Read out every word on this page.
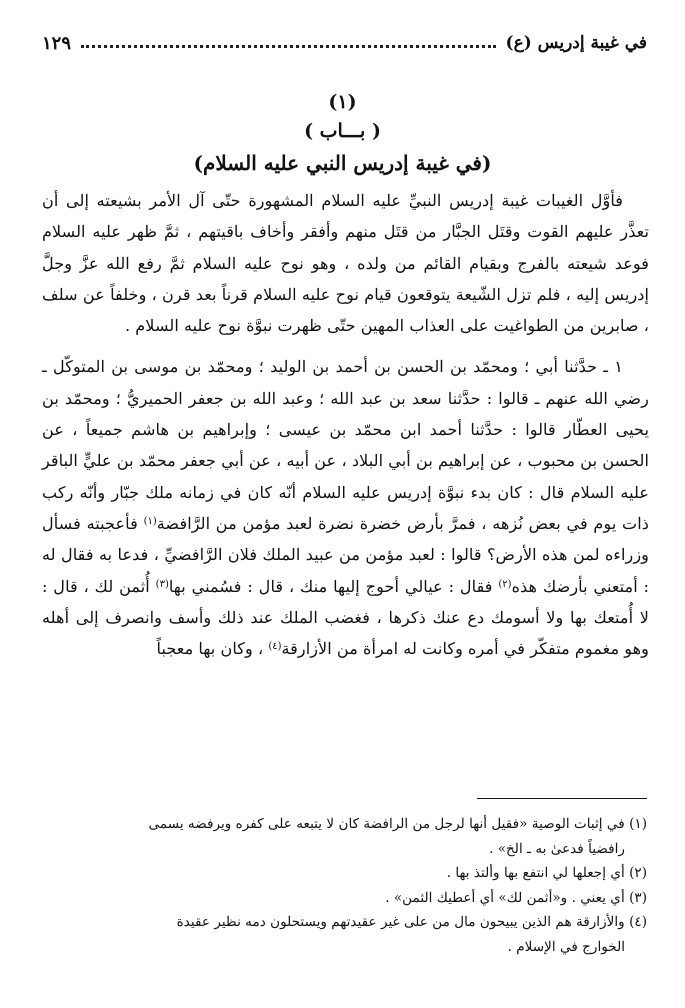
في غيبة إدريس (ع)
١٢٩
(١)
( بـــاب )
(في غيبة إدريس النبي عليه السلام)

فأوَّل الغيبات غيبة إدريس النبيِّ عليه السلام المشهورة حتّى آل الأمر بشيعته إلى أن تعذَّر عليهم القوت وقتَل الجبَّار من قتَل منهم وأفقر وأخاف باقيتهم ، ثمَّ ظهر عليه السلام فوعد شيعته بالفرج وبقيام القائم من ولده ، وهو نوح عليه السلام ثمَّ رفع الله عزَّ وجلَّ إدريس إليه ، فلم تزل الشّيعة يتوقعون قيام نوح عليه السلام قرناً بعد قرن ، وخلفاً عن سلف ، صابرين من الطواغيت على العذاب المهين حتّى ظهرت نبوَّة نوح عليه السلام .

١ ـ حدَّثنا أبي ؛ ومحمّد بن الحسن بن أحمد بن الوليد ؛ ومحمّد بن موسى بن المتوكّل ـ رضي الله عنهم ـ قالوا : حدَّثنا سعد بن عبد الله ؛ وعبد الله بن جعفر الحميريُّ ؛ ومحمّد بن يحيى العطّار قالوا : حدَّثنا أحمد ابن محمّد بن عيسى ؛ وإبراهيم بن هاشم جميعاً ، عن الحسن بن محبوب ، عن إبراهيم بن أبي البلاد ، عن أبيه ، عن أبي جعفر محمّد بن عليٍّ الباقر عليه السلام قال : كان بدء نبوَّة إدريس عليه السلام أنّه كان في زمانه ملك جبّار وأنّه ركب ذات يوم في بعض نُزهه ، فمرَّ بأرض خضرة نضرة لعبد مؤمن من الرَّافضة$^{(١)}$ فأعجبته فسأل وزراءه لمن هذه الأرض؟ قالوا : لعبد مؤمن من عبيد الملك فلان الرَّافضيِّ ، فدعا به فقال له : أمتعني بأرضك هذه$^{(٢)}$ فقال : عيالي أحوج إليها منك ، قال : فسُمني بها$^{(٣)}$ أُثمن لك ، قال : لا أُمتعك بها ولا أسومك دع عنك ذكرها ، فغضب الملك عند ذلك وأسف وانصرف إلى أهله وهو مغموم متفكّر في أمره وكانت له امرأة من الأزارقة$^{(٤)}$ ، وكان بها معجباً

(١) في إثبات الوصية «فقيل أنها لرجل من الرافضة كان لا يتبعه على كفره ويرفضه يسمى
رافضياً فدعىٰ به ـ الخ» .
(٢) أي إجعلها لي انتفع بها وألتذ بها .
(٣) أي يعني . و«أثمن لك» أي أعطيك الثمن» .
(٤) والأزارقة هم الذين يبيحون مال من على غير عقيدتهم ويستحلون دمه نظير عقيدة
الخوارج في الإسلام .
